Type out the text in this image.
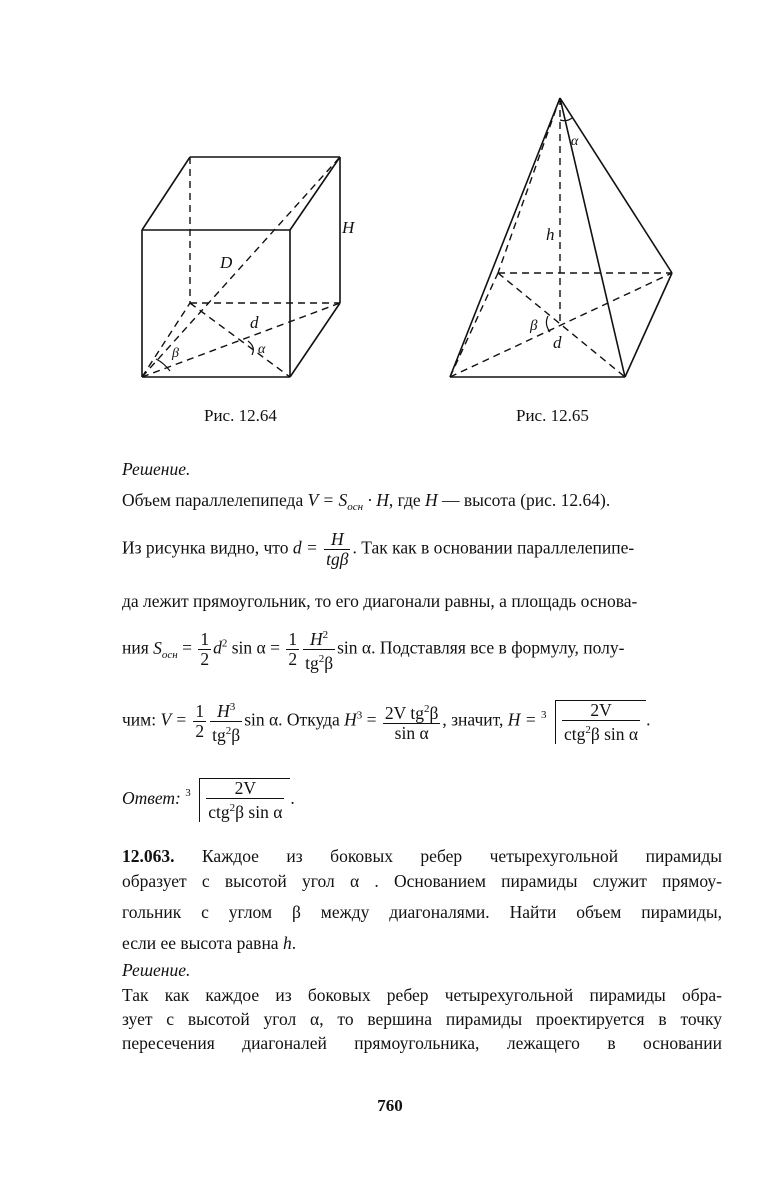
H
D
d
α
β
Рис. 12.64
α
h
β
d
Рис. 12.65
Решение.
Объем параллелепипеда $V = S_{осн} \cdot H$, где H — высота (рис. 12.64).
Из рисунка видно, что $d = \frac{H}{\text{tgβ}}$ . Так как в основании параллелепипе-
да лежит прямоугольник, то его диагонали равны, а площадь основа-
ния $S_{осн} = \frac{1}{2} d^2$ $\sin \alpha = \frac{1}{2} \frac{H^2}{tg^2\beta}$ sin α. Подставляя все в формулу, полу-
чим: $V = \frac{1}{2} \frac{H^3}{tg^2\beta}$ sin α. Откуда $H^3 = \frac{2V tg^2\beta}{\text{sin α}}$ , значит, $H = 3 \frac{2V}{ctg^2\beta \sin \alpha}$ .
Ответ: $3 \frac{2V}{ctg^2\beta \sin \alpha}$ .
12.063. Каждое из боковых ребер четырехугольной пирамиды
образует с высотой угол α . Основанием пирамиды служит прямоу-
гольник с углом β между диагоналями. Найти объем пирамиды,
если ее высота равна h.
Решение.
Так как каждое из боковых ребер четырехугольной пирамиды обра-
зует с высотой угол α, то вершина пирамиды проектируется в точку
пересечения диагоналей прямоугольника, лежащего в основании
760
